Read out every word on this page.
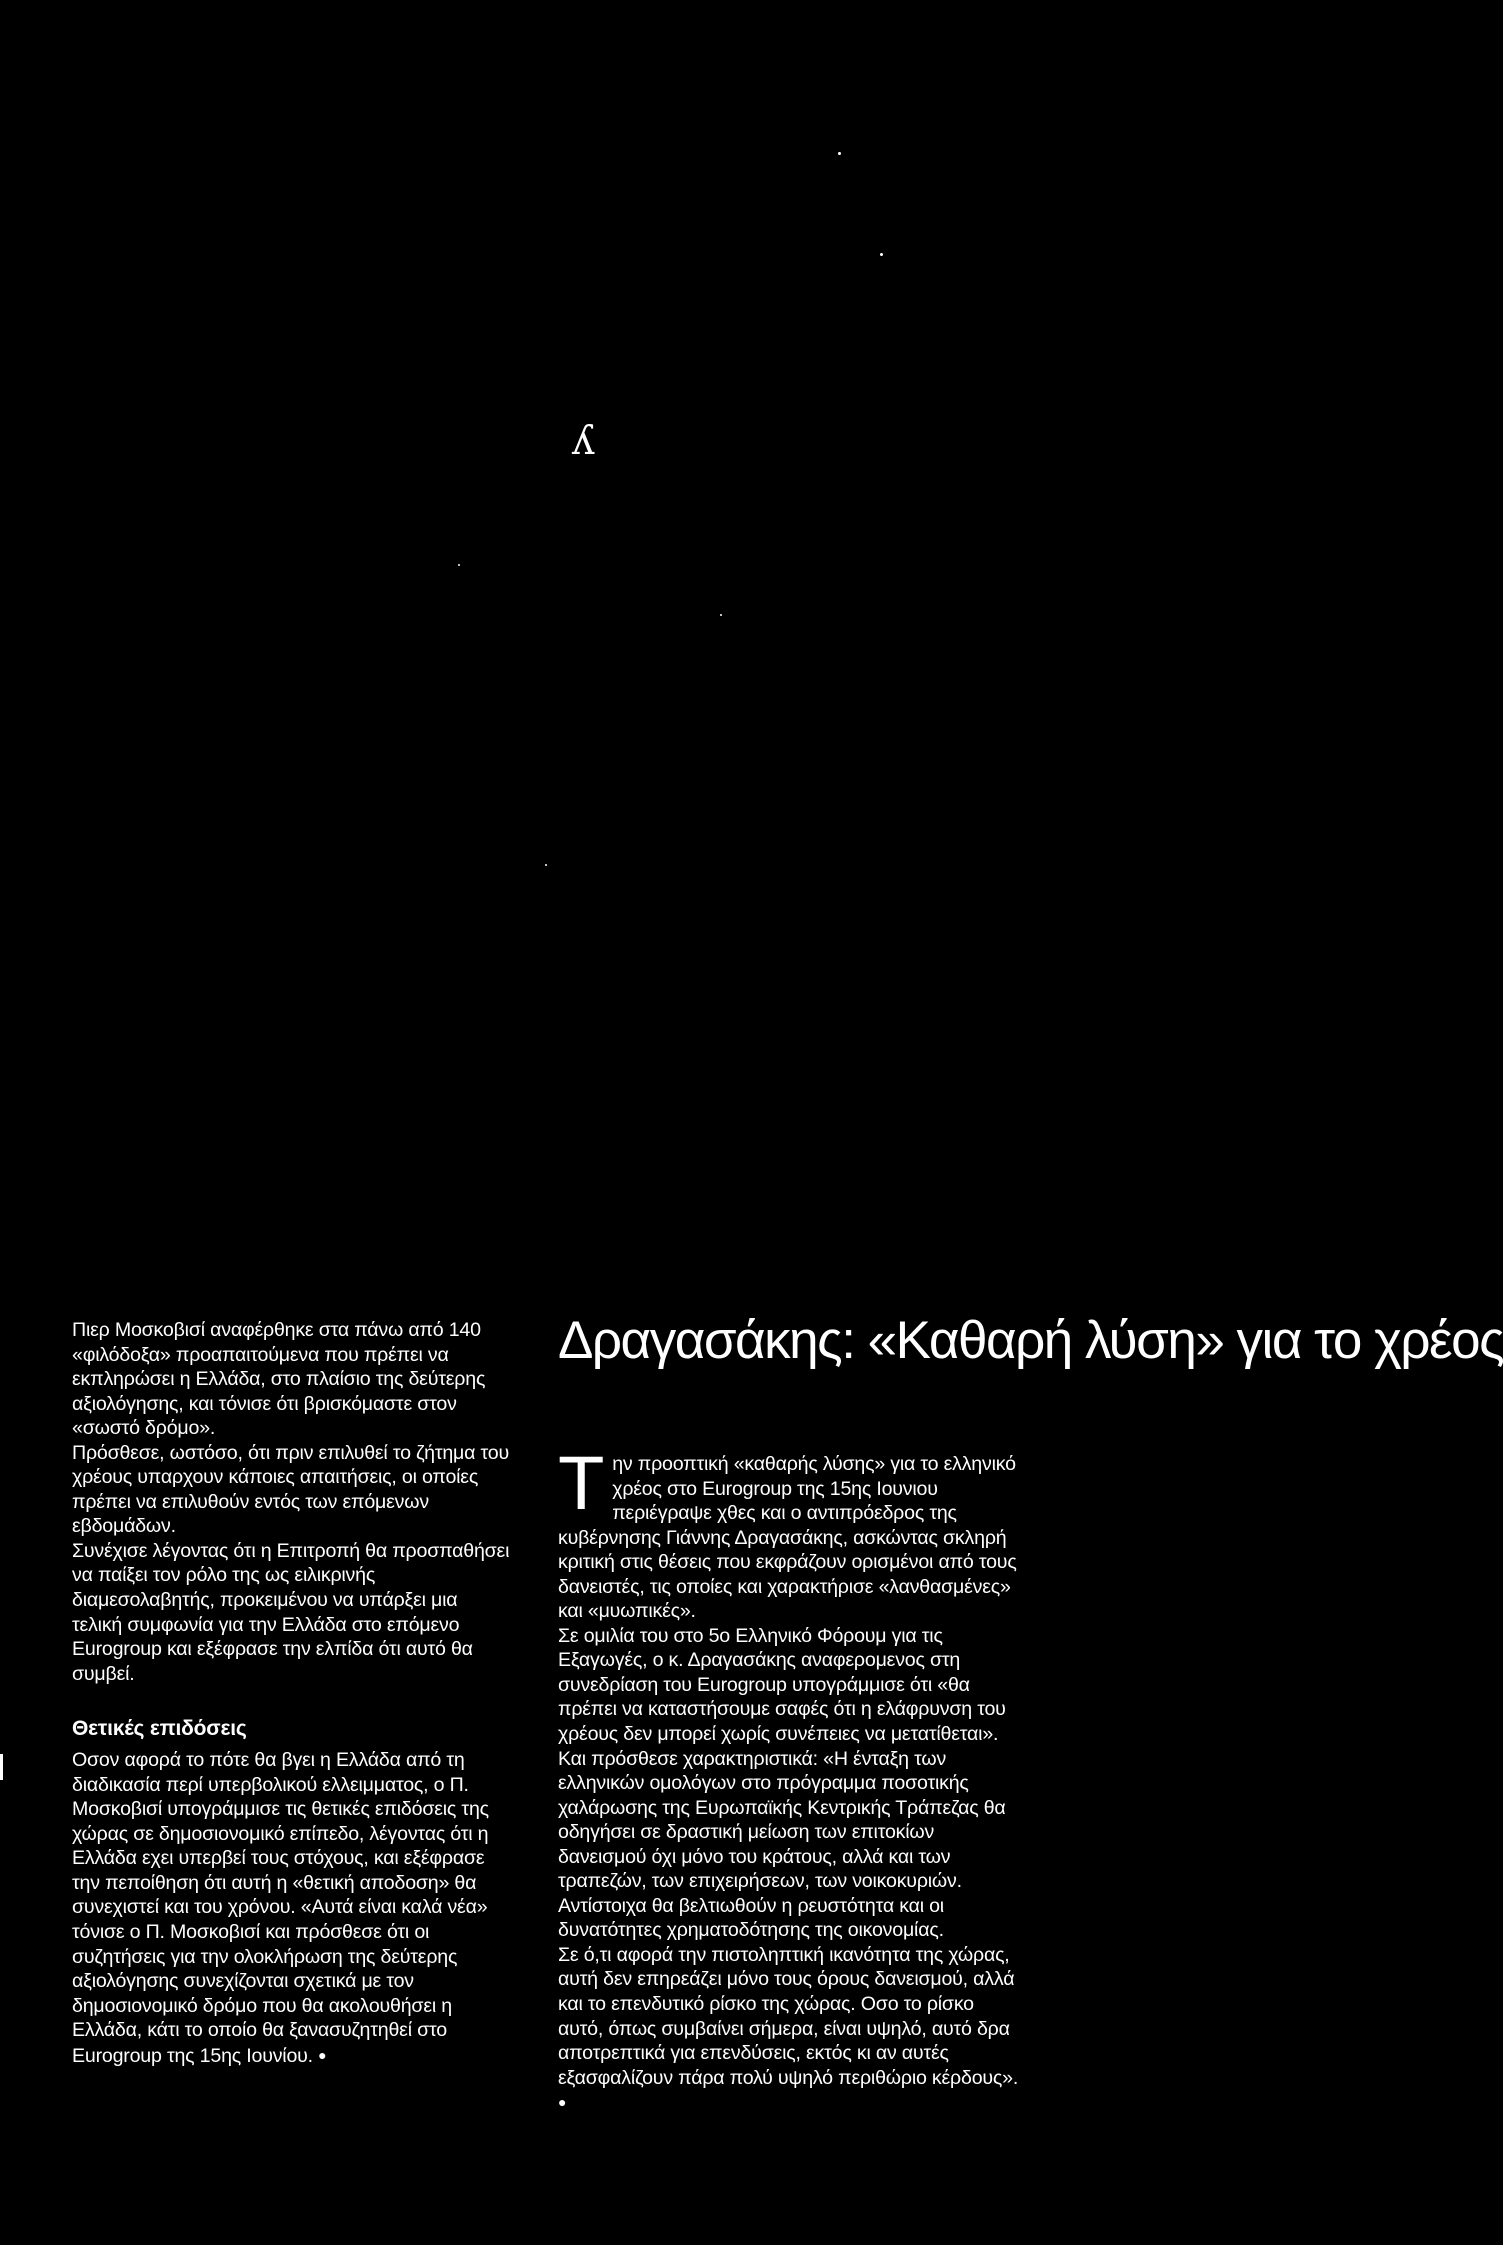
ʎ

Πιερ Μοσκοβισί αναφέρθηκε στα πάνω από 140 «φιλόδοξα» προαπαιτούμενα που πρέπει να εκπληρώσει η Ελλάδα, στο πλαίσιο της δεύτερης αξιολόγησης, και τόνισε ότι βρισκόμαστε στον «σωστό δρόμο».

Πρόσθεσε, ωστόσο, ότι πριν επιλυθεί το ζήτημα του χρέους υπαρχουν κάποιες απαιτήσεις, οι οποίες πρέπει να επιλυθούν εντός των επόμενων εβδομάδων.

Συνέχισε λέγοντας ότι η Επιτροπή θα προσπαθήσει να παίξει τον ρόλο της ως ειλικρινής διαμεσολαβητής, προκειμένου να υπάρξει μια τελική συμφωνία για την Ελλάδα στο επόμενο Eurogroup και εξέφρασε την ελπίδα ότι αυτό θα συμβεί.

Θετικές επιδόσεις

Οσον αφορά το πότε θα βγει η Ελλάδα από τη διαδικασία περί υπερβολικού ελλειμματος, ο Π. Μοσκοβισί υπογράμμισε τις θετικές επιδόσεις της χώρας σε δημοσιονομικό επίπεδο, λέγοντας ότι η Ελλάδα εχει υπερβεί τους στόχους, και εξέφρασε την πεποίθηση ότι αυτή η «θετική αποδοση» θα συνεχιστεί και του χρόνου. «Αυτά είναι καλά νέα» τόνισε ο Π. Μοσκοβισί και πρόσθεσε ότι οι συζητήσεις για την ολοκλήρωση της δεύτερης αξιολόγησης συνεχίζονται σχετικά με τον δημοσιονομικό δρόμο που θα ακολουθήσει η Ελλάδα, κάτι το οποίο θα ξανασυζητηθεί στο Eurogroup της 15ης Ιουνίου. ●

Δραγασάκης: «Καθαρή λύση» για το χρέος

Την προοπτική «καθαρής λύσης» για το ελληνικό χρέος στο Eurogroup της 15ης Ιουνιου περιέγραψε χθες και ο αντιπρόεδρος της κυβέρνησης Γιάννης Δραγασάκης, ασκώντας σκληρή κριτική στις θέσεις που εκφράζουν ορισμένοι από τους δανειστές, τις οποίες και χαρακτήρισε «λανθασμένες» και «μυωπικές».

Σε ομιλία του στο 5ο Ελληνικό Φόρουμ για τις Εξαγωγές, ο κ. Δραγασάκης αναφερομενος στη συνεδρίαση του Eurogroup υπογράμμισε ότι «θα πρέπει να καταστήσουμε σαφές ότι η ελάφρυνση του χρέους δεν μπορεί χωρίς συνέπειες να μετατίθεται».

Και πρόσθεσε χαρακτηριστικά: «Η ένταξη των ελληνικών ομολόγων στο πρόγραμμα ποσοτικής χαλάρωσης της Ευρωπαϊκής Κεντρικής Τράπεζας θα οδηγήσει σε δραστική μείωση των επιτοκίων δανεισμού όχι μόνο του κράτους, αλλά και των τραπεζών, των επιχειρήσεων, των νοικοκυριών. Αντίστοιχα θα βελτιωθούν η ρευστότητα και οι δυνατότητες χρηματοδότησης της οικονομίας.

Σε ό,τι αφορά την πιστοληπτική ικανότητα της χώρας, αυτή δεν επηρεάζει μόνο τους όρους δανεισμού, αλλά και το επενδυτικό ρίσκο της χώρας. Οσο το ρίσκο αυτό, όπως συμβαίνει σήμερα, είναι υψηλό, αυτό δρα αποτρεπτικά για επενδύσεις, εκτός κι αν αυτές εξασφαλίζουν πάρα πολύ υψηλό περιθώριο κέρδους». ●
